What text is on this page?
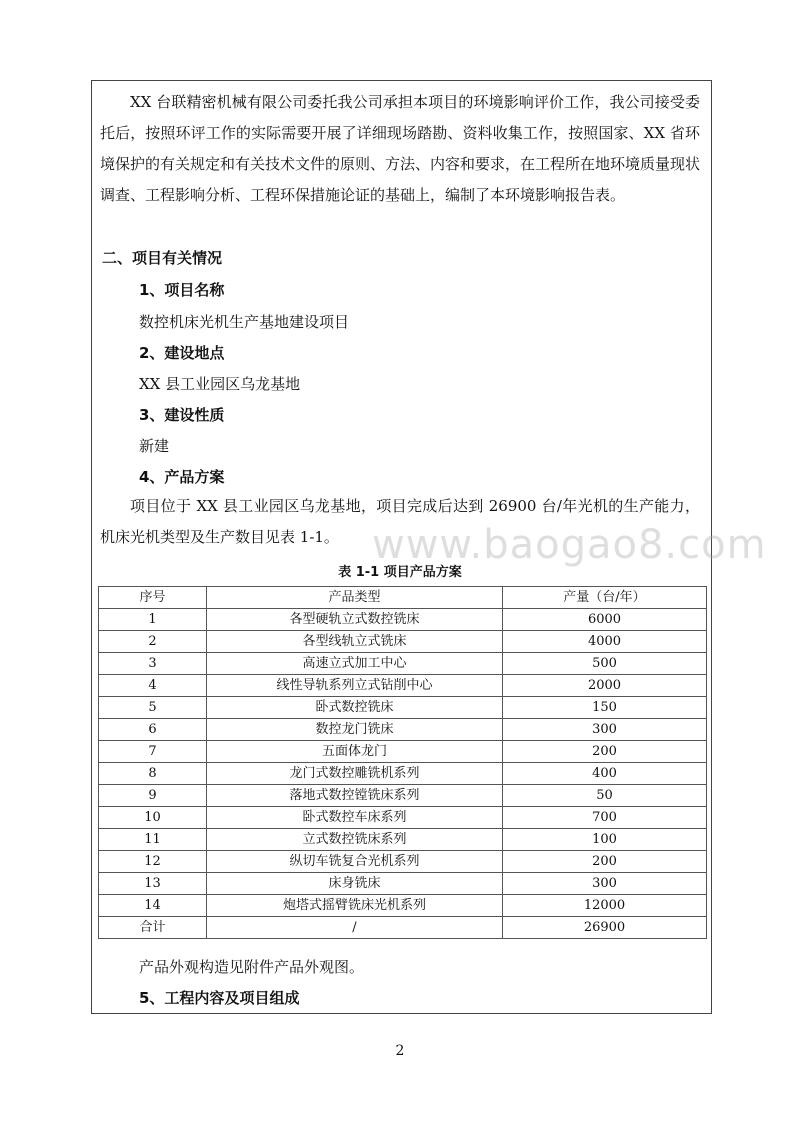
XX 台联精密机械有限公司委托我公司承担本项目的环境影响评价工作，我公司接受委托后，按照环评工作的实际需要开展了详细现场踏勘、资料收集工作，按照国家、XX 省环境保护的有关规定和有关技术文件的原则、方法、内容和要求，在工程所在地环境质量现状调查、工程影响分析、工程环保措施论证的基础上，编制了本环境影响报告表。

二、项目有关情况
1、项目名称
数控机床光机生产基地建设项目
2、建设地点
XX 县工业园区乌龙基地
3、建设性质
新建
4、产品方案

项目位于 XX 县工业园区乌龙基地，项目完成后达到 26900 台/年光机的生产能力，机床光机类型及生产数目见表 1-1。 www.baogao8.com
表 1-1 项目产品方案
序号	产品类型	产量（台/年）
1	各型硬轨立式数控铣床	6000
2	各型线轨立式铣床	4000
3	高速立式加工中心	500
4	线性导轨系列立式钻削中心	2000
5	卧式数控铣床	150
6	数控龙门铣床	300
7	五面体龙门	200
8	龙门式数控雕铣机系列	400
9	落地式数控镗铣床系列	50
10	卧式数控车床系列	700
11	立式数控铣床系列	100
12	纵切车铣复合光机系列	200
13	床身铣床	300
14	炮塔式摇臂铣床光机系列	12000
合计	/	26900
产品外观构造见附件产品外观图。
5、工程内容及项目组成
2
